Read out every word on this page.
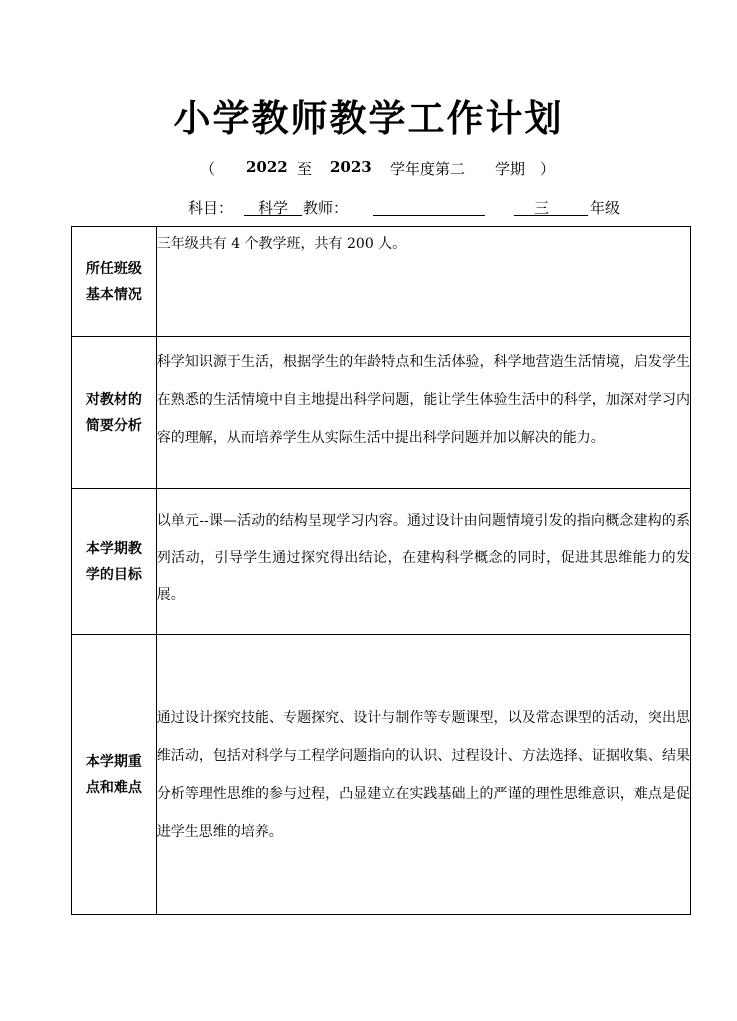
小学教师教学工作计划
（ 2022 至 2023 学年度第二 学期 ）
科目： 科学 教师：	三	年级
所任班级
基本情况	三年级共有 4 个教学班，共有 200 人。

对教材的
简要分析	科学知识源于生活，根据学生的年龄特点和生活体验，科学地营造生活情境，启发学生在熟悉的生活情境中自主地提出科学问题，能让学生体验生活中的科学，加深对学习内容的理解，从而培养学生从实际生活中提出科学问题并加以解决的能力。

本学期教
学的目标	以单元--课—活动的结构呈现学习内容。通过设计由问题情境引发的指向概念建构的系列活动，引导学生通过探究得出结论，在建构科学概念的同时，促进其思维能力的发展。

本学期重
点和难点	通过设计探究技能、专题探究、设计与制作等专题课型，以及常态课型的活动，突出思维活动，包括对科学与工程学问题指向的认识、过程设计、方法选择、证据收集、结果分析等理性思维的参与过程，凸显建立在实践基础上的严谨的理性思维意识，难点是促进学生思维的培养。
